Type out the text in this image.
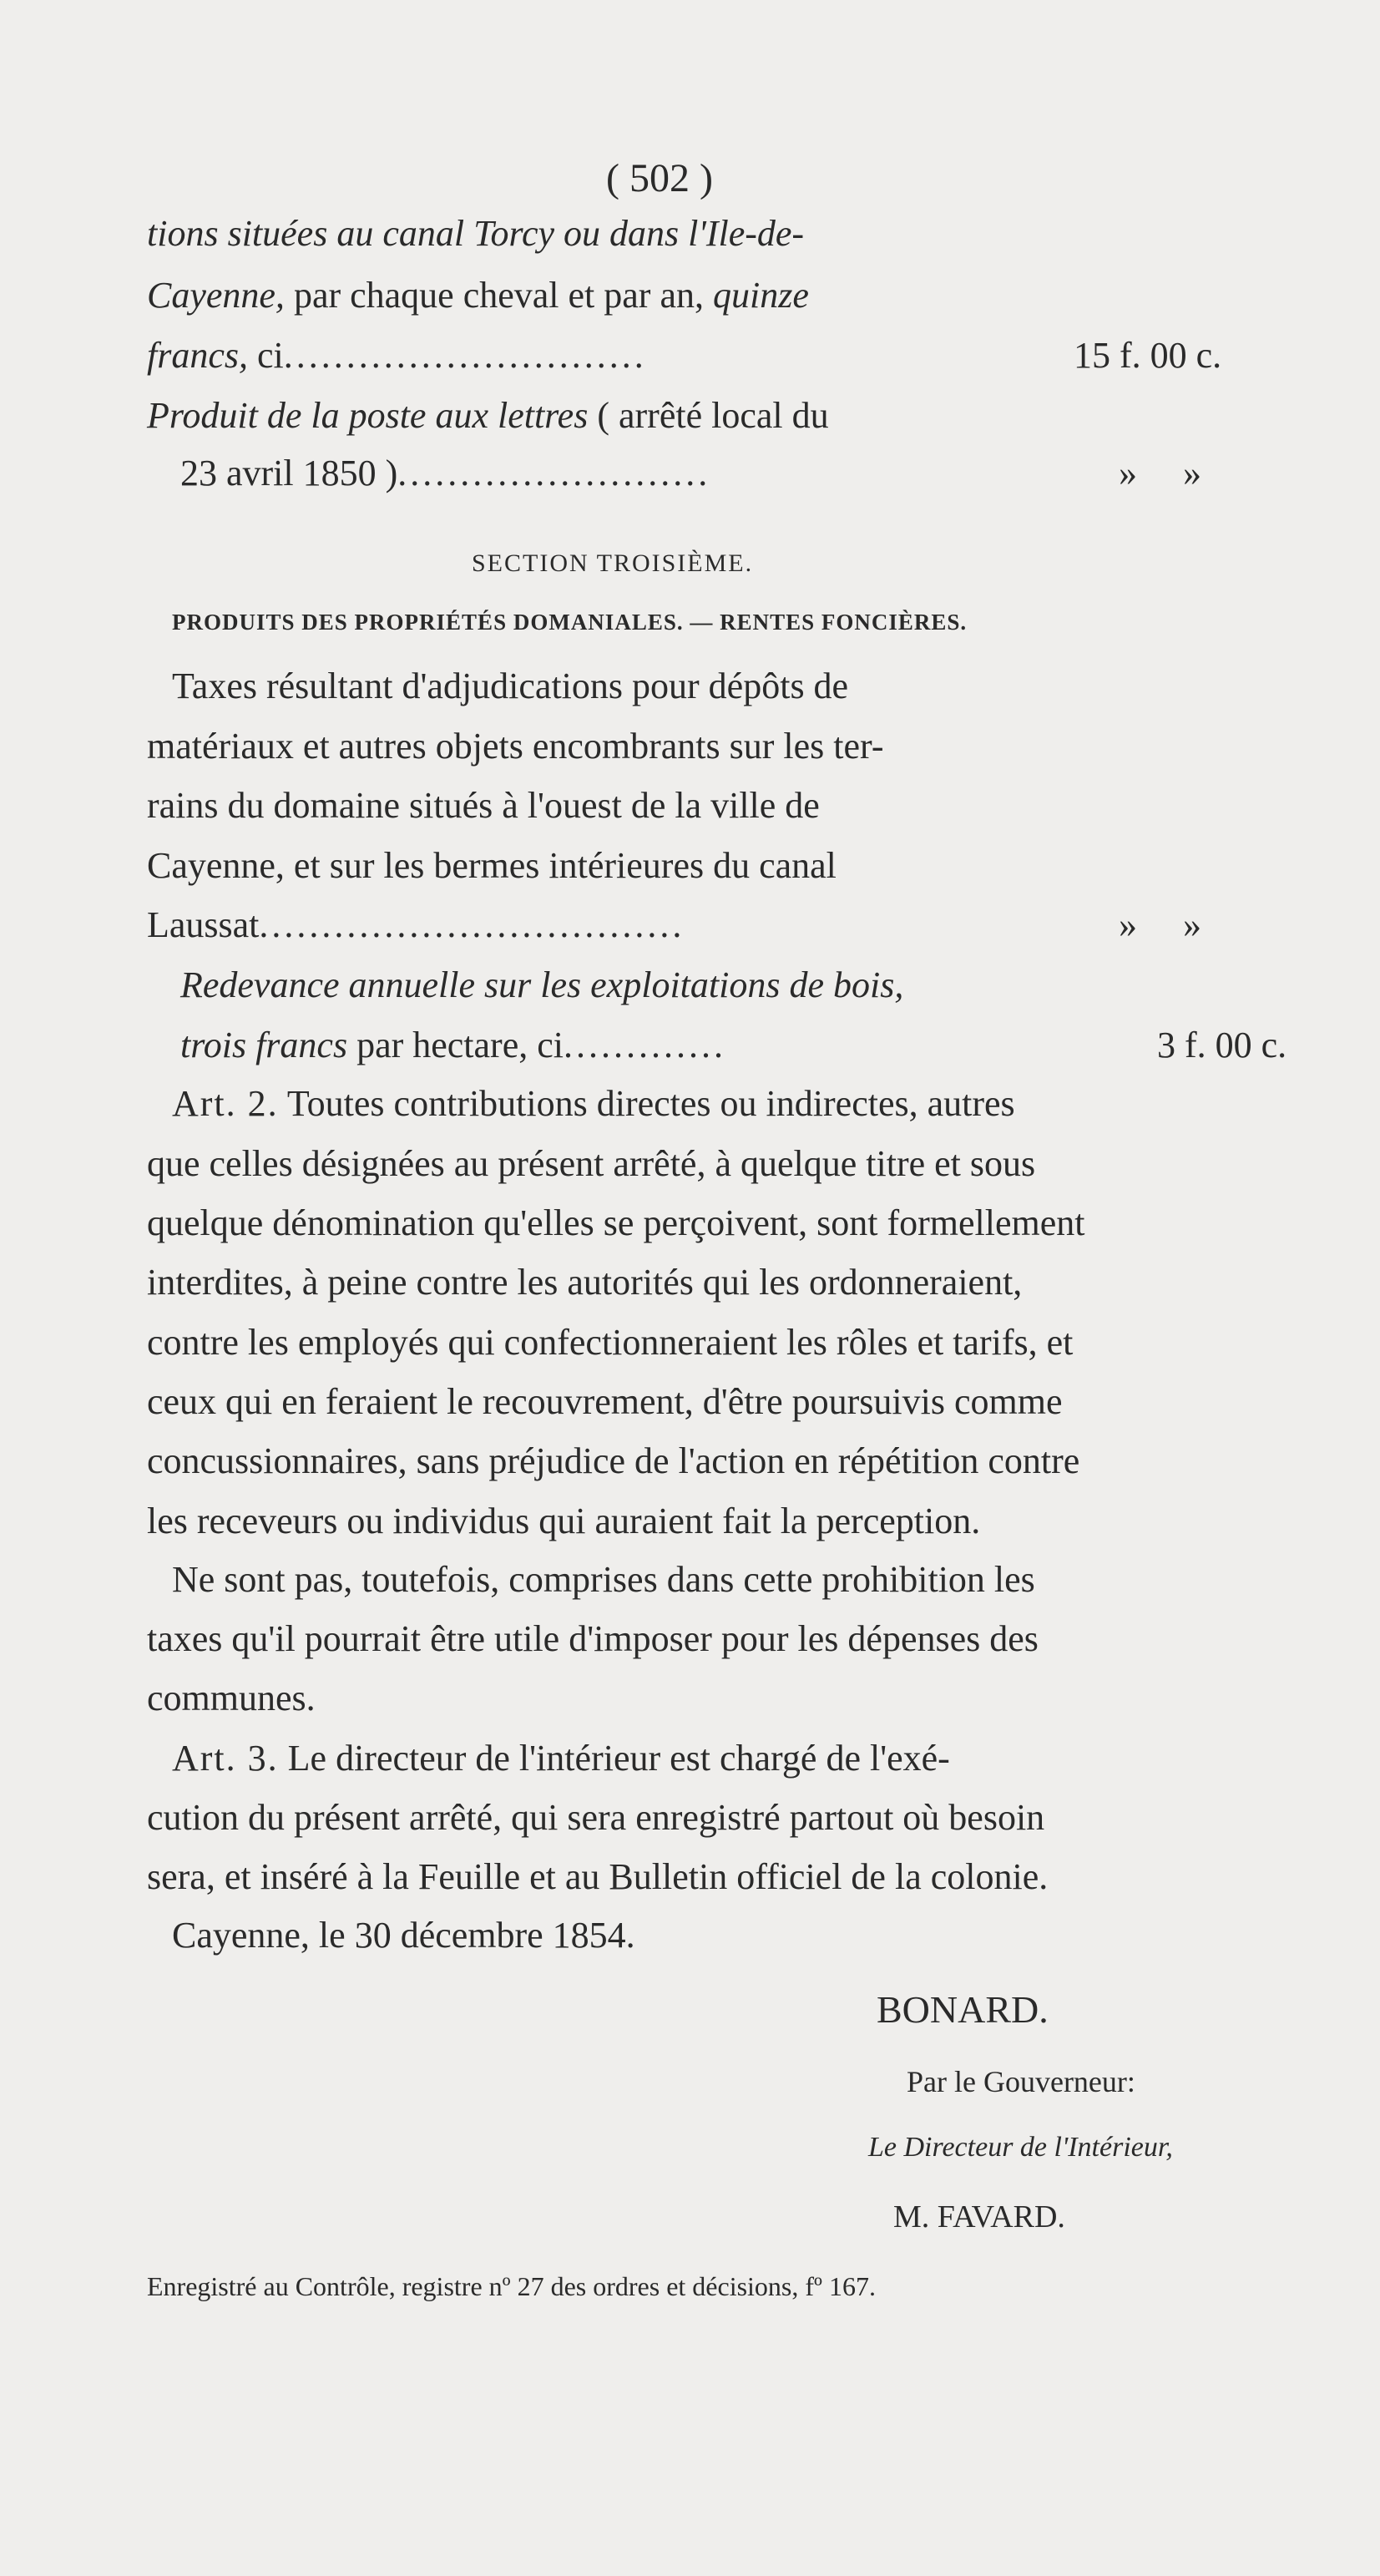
( 502 )
tions situées au canal Torcy ou dans l'Ile-de-
Cayenne, par chaque cheval et par an, quinze
francs, ci.............................	15 f. 00 c.
Produit de la poste aux lettres ( arrêté local du
23 avril 1850 ).........................	»     »
SECTION TROISIÈME.
PRODUITS DES PROPRIÉTÉS DOMANIALES. — RENTES FONCIÈRES.
Taxes résultant d'adjudications pour dépôts de
matériaux et autres objets encombrants sur les ter-
rains du domaine situés à l'ouest de la ville de
Cayenne, et sur les bermes intérieures du canal
Laussat..................................	»     »
Redevance annuelle sur les exploitations de bois,
trois francs par hectare, ci.............	3 f. 00 c.
Art. 2. Toutes contributions directes ou indirectes, autres
que celles désignées au présent arrêté, à quelque titre et sous
quelque dénomination qu'elles se perçoivent, sont formellement
interdites, à peine contre les autorités qui les ordonneraient,
contre les employés qui confectionneraient les rôles et tarifs, et
ceux qui en feraient le recouvrement, d'être poursuivis comme
concussionnaires, sans préjudice de l'action en répétition contre
les receveurs ou individus qui auraient fait la perception.
Ne sont pas, toutefois, comprises dans cette prohibition les
taxes qu'il pourrait être utile d'imposer pour les dépenses des
communes.
Art. 3. Le directeur de l'intérieur est chargé de l'exé-
cution du présent arrêté, qui sera enregistré partout où besoin
sera, et inséré à la Feuille et au Bulletin officiel de la colonie.
Cayenne, le 30 décembre 1854.
BONARD.
Par le Gouverneur:
Le Directeur de l'Intérieur,
M. FAVARD.
Enregistré au Contrôle, registre nº 27 des ordres et décisions, fº 167.
